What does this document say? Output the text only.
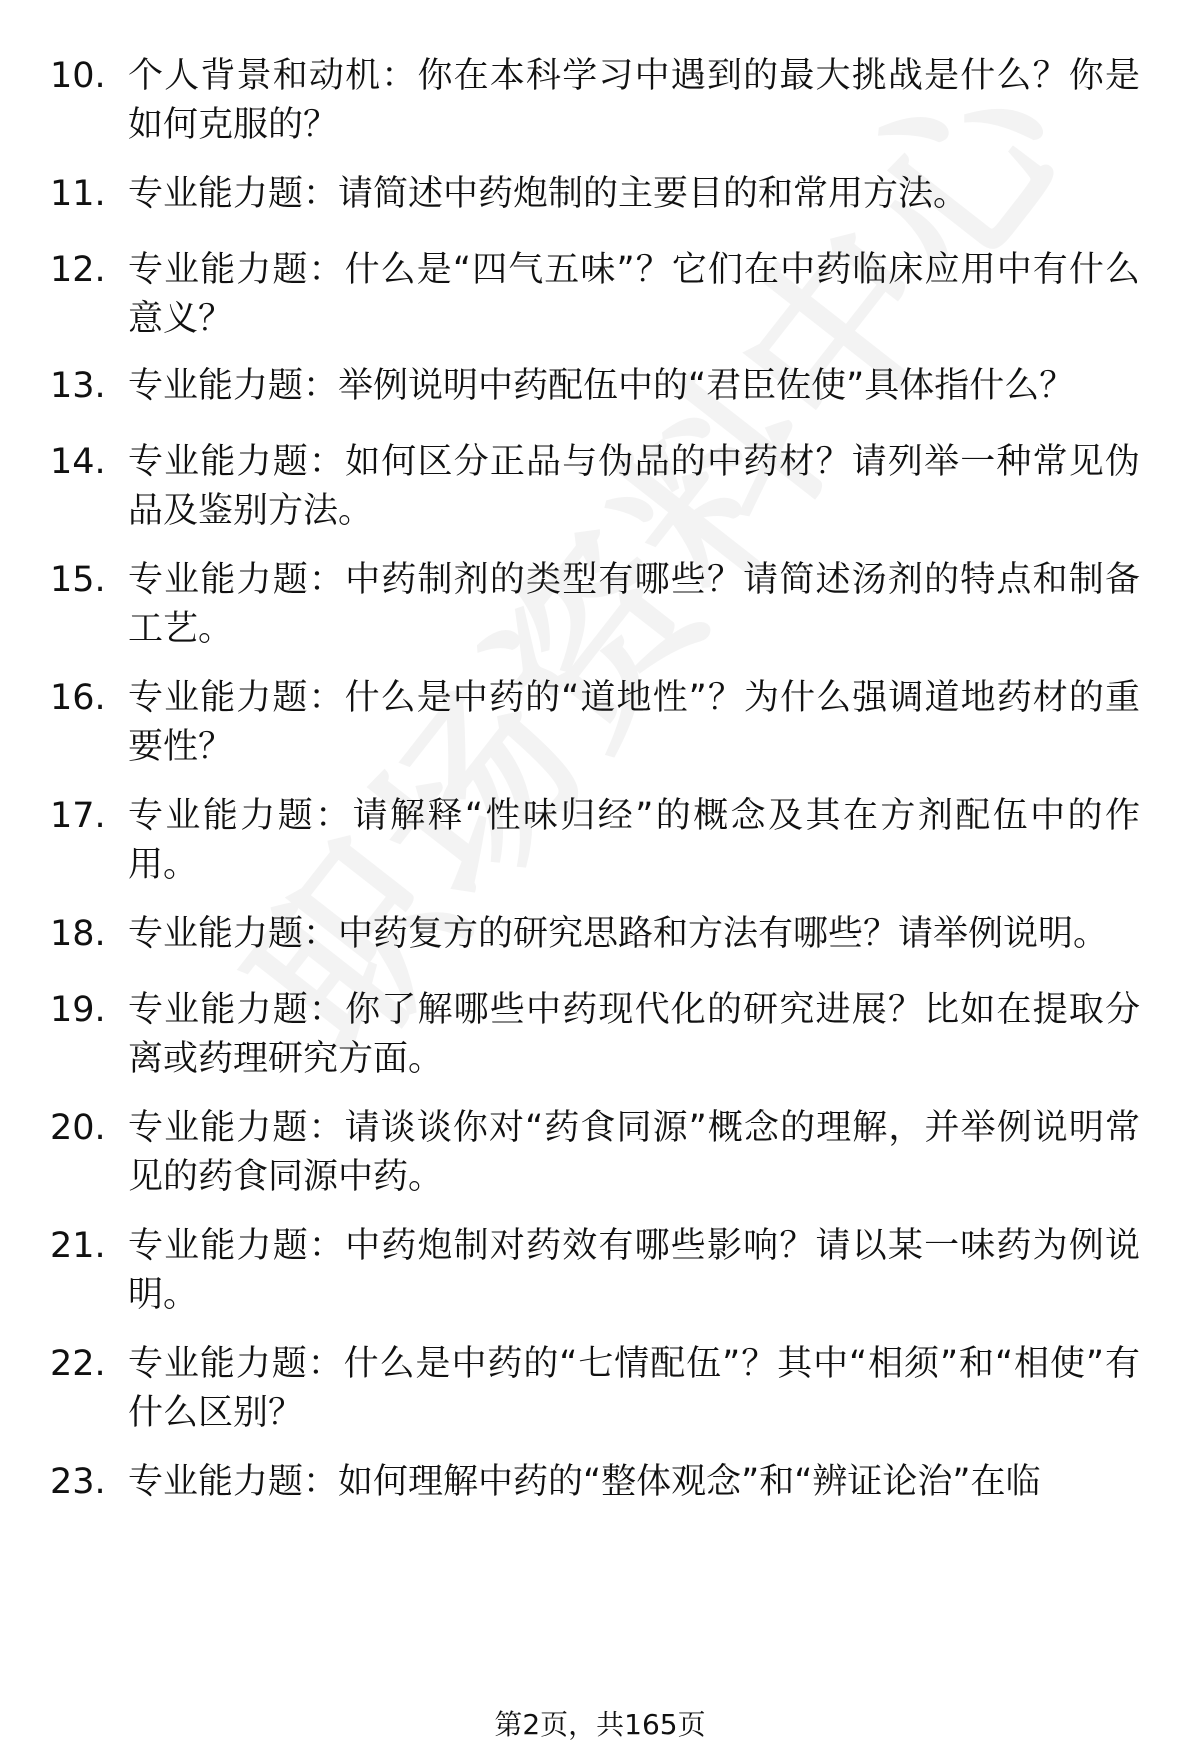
10. 个人背景和动机：你在本科学习中遇到的最大挑战是什么？你是如何克服的？
11. 专业能力题：请简述中药炮制的主要目的和常用方法。
12. 专业能力题：什么是“四气五味”？它们在中药临床应用中有什么意义？
13. 专业能力题：举例说明中药配伍中的“君臣佐使”具体指什么？
14. 专业能力题：如何区分正品与伪品的中药材？请列举一种常见伪品及鉴别方法。
15. 专业能力题：中药制剂的类型有哪些？请简述汤剂的特点和制备工艺。
16. 专业能力题：什么是中药的“道地性”？为什么强调道地药材的重要性？
17. 专业能力题：请解释“性味归经”的概念及其在方剂配伍中的作用。
18. 专业能力题：中药复方的研究思路和方法有哪些？请举例说明。
19. 专业能力题：你了解哪些中药现代化的研究进展？比如在提取分离或药理研究方面。
20. 专业能力题：请谈谈你对“药食同源”概念的理解，并举例说明常见的药食同源中药。
21. 专业能力题：中药炮制对药效有哪些影响？请以某一味药为例说明。
22. 专业能力题：什么是中药的“七情配伍”？其中“相须”和“相使”有什么区别？
23. 专业能力题：如何理解中药的“整体观念”和“辨证论治”在临
第2页，共165页
